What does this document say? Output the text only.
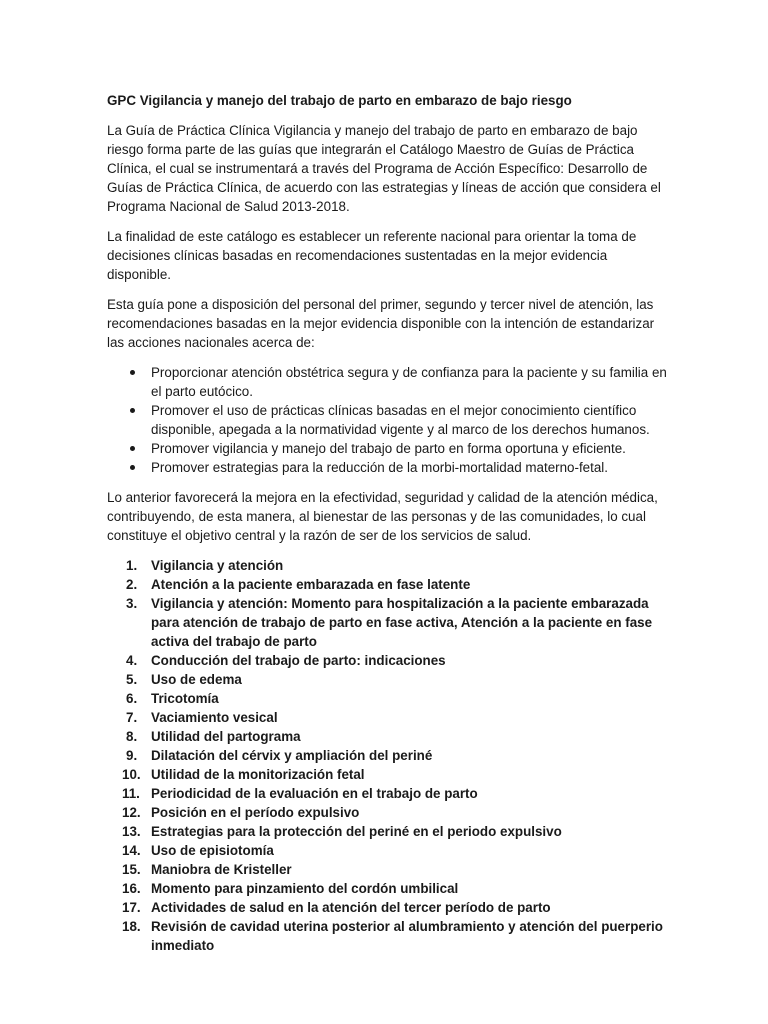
GPC Vigilancia y manejo del trabajo de parto en embarazo de bajo riesgo

La Guía de Práctica Clínica Vigilancia y manejo del trabajo de parto en embarazo de bajo riesgo forma parte de las guías que integrarán el Catálogo Maestro de Guías de Práctica Clínica, el cual se instrumentará a través del Programa de Acción Específico: Desarrollo de Guías de Práctica Clínica, de acuerdo con las estrategias y líneas de acción que considera el Programa Nacional de Salud 2013-2018.

La finalidad de este catálogo es establecer un referente nacional para orientar la toma de decisiones clínicas basadas en recomendaciones sustentadas en la mejor evidencia disponible.

Esta guía pone a disposición del personal del primer, segundo y tercer nivel de atención, las recomendaciones basadas en la mejor evidencia disponible con la intención de estandarizar las acciones nacionales acerca de:

Proporcionar atención obstétrica segura y de confianza para la paciente y su familia en el parto eutócico.
Promover el uso de prácticas clínicas basadas en el mejor conocimiento científico disponible, apegada a la normatividad vigente y al marco de los derechos humanos.
Promover vigilancia y manejo del trabajo de parto en forma oportuna y eficiente.
Promover estrategias para la reducción de la morbi-mortalidad materno-fetal.

Lo anterior favorecerá la mejora en la efectividad, seguridad y calidad de la atención médica, contribuyendo, de esta manera, al bienestar de las personas y de las comunidades, lo cual constituye el objetivo central y la razón de ser de los servicios de salud.

1. Vigilancia y atención
2. Atención a la paciente embarazada en fase latente
3. Vigilancia y atención: Momento para hospitalización a la paciente embarazada para atención de trabajo de parto en fase activa, Atención a la paciente en fase activa del trabajo de parto
4. Conducción del trabajo de parto: indicaciones
5. Uso de edema
6. Tricotomía
7. Vaciamiento vesical
8. Utilidad del partograma
9. Dilatación del cérvix y ampliación del periné
10. Utilidad de la monitorización fetal
11. Periodicidad de la evaluación en el trabajo de parto
12. Posición en el período expulsivo
13. Estrategias para la protección del periné en el periodo expulsivo
14. Uso de episiotomía
15. Maniobra de Kristeller
16. Momento para pinzamiento del cordón umbilical
17. Actividades de salud en la atención del tercer período de parto
18. Revisión de cavidad uterina posterior al alumbramiento y atención del puerperio inmediato
